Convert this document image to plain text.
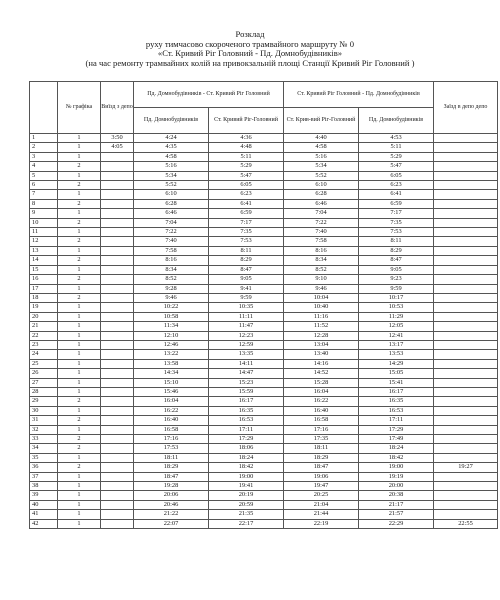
Розклад
руху тимчасово скороченого трамвайного маршруту № 0
«Ст. Кривий Ріг Головний - Пд. Домнобудівників»
(на час ремонту трамвайних колій на привокзальній площі Станції Кривий Ріг Головний )
	№ графіка	Виїзд з депо	Пд. Домнобудівників - Ст. Кривий Ріг Головний		Ст. Кривий Ріг Головний - Пд. Домнобудівників		Заїзд в депо депо
			Пд. Домнобудівників	Ст. Кривий Ріг-Головний	Ст. Крив-вий Ріг-Головний	Пд. Домнобудівників	
1	1	3:50	4:24	4:36	4:40	4:53	
2	1	4:05	4:35	4:48	4:58	5:11	
3	1		4:58	5:11	5:16	5:29	
4	2		5:16	5:29	5:34	5:47	
5	1		5:34	5:47	5:52	6:05	
6	2		5:52	6:05	6:10	6:23	
7	1		6:10	6:23	6:28	6:41	
8	2		6:28	6:41	6:46	6:59	
9	1		6:46	6:59	7:04	7:17	
10	2		7:04	7:17	7:22	7:35	
11	1		7:22	7:35	7:40	7:53	
12	2		7:40	7:53	7:58	8:11	
13	1		7:58	8:11	8:16	8:29	
14	2		8:16	8:29	8:34	8:47	
15	1		8:34	8:47	8:52	9:05	
16	2		8:52	9:05	9:10	9:23	
17	1		9:28	9:41	9:46	9:59	
18	2		9:46	9:59	10:04	10:17	
19	1		10:22	10:35	10:40	10:53	
20	1		10:58	11:11	11:16	11:29	
21	1		11:34	11:47	11:52	12:05	
22	1		12:10	12:23	12:28	12:41	
23	1		12:46	12:59	13:04	13:17	
24	1		13:22	13:35	13:40	13:53	
25	1		13:58	14:11	14:16	14:29	
26	1		14:34	14:47	14:52	15:05	
27	1		15:10	15:23	15:28	15:41	
28	1		15:46	15:59	16:04	16:17	
29	2		16:04	16:17	16:22	16:35	
30	1		16:22	16:35	16:40	16:53	
31	2		16:40	16:53	16:58	17:11	
32	1		16:58	17:11	17:16	17:29	
33	2		17:16	17:29	17:35	17:49	
34	2		17:53	18:06	18:11	18:24	
35	1		18:11	18:24	18:29	18:42	
36	2		18:29	18:42	18:47	19:00	19:27
37	1		18:47	19:00	19:06	19:19	
38	1		19:28	19:41	19:47	20:00	
39	1		20:06	20:19	20:25	20:38	
40	1		20:46	20:59	21:04	21:17	
41	1		21:22	21:35	21:44	21:57	
42	1		22:07	22:17	22:19	22:29	22:55
